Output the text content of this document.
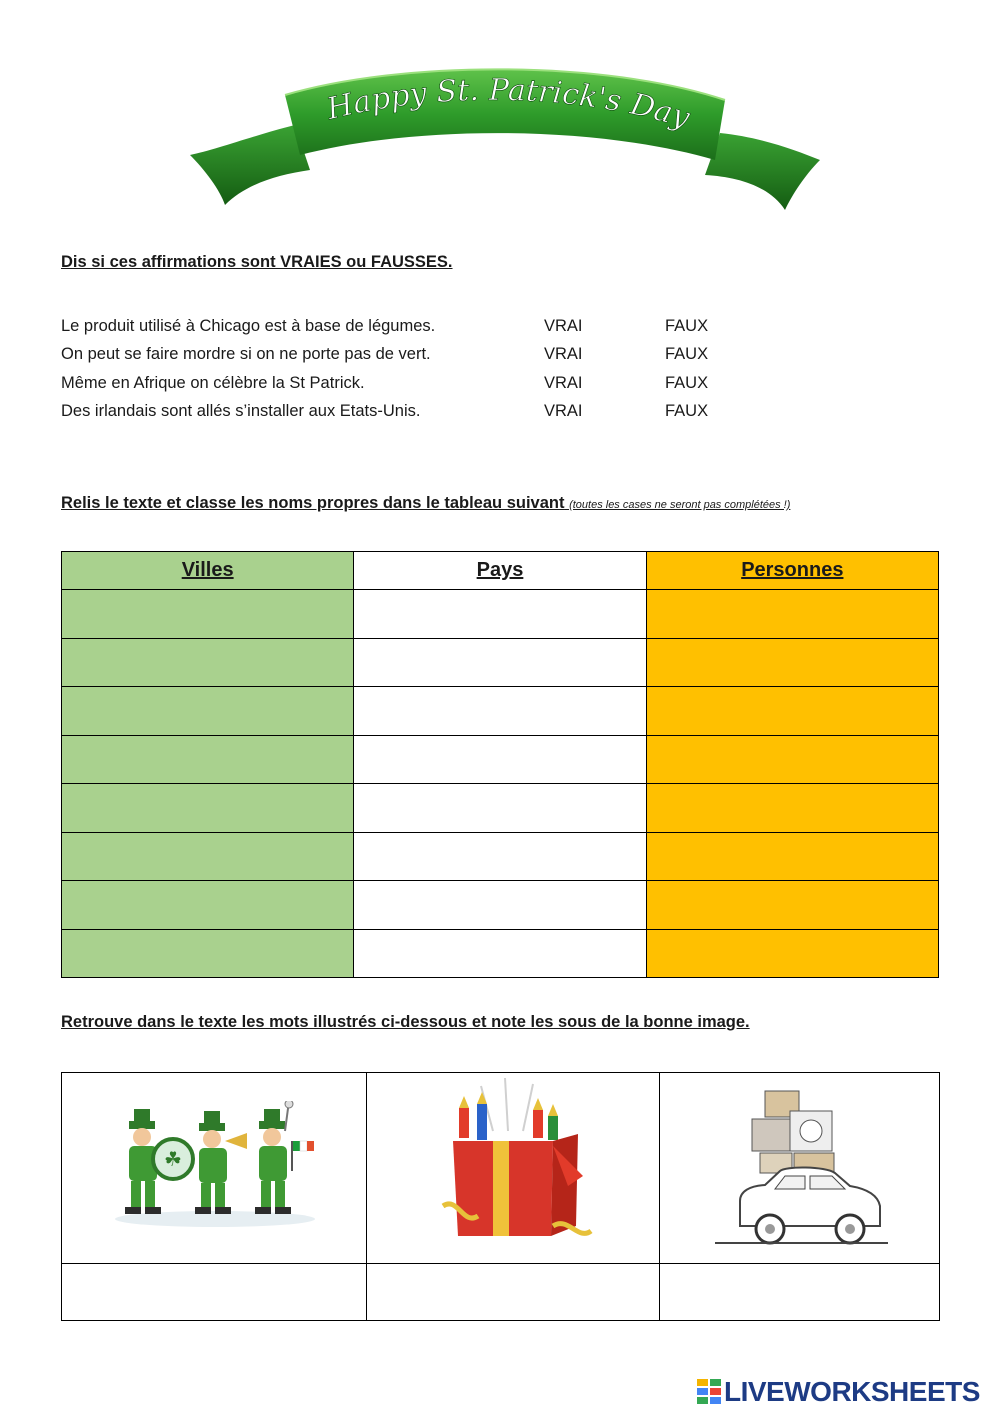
Happy St. Patrick's Day
Dis si ces affirmations sont VRAIES ou FAUSSES.
Le produit utilisé à Chicago est à base de légumes.	VRAI	FAUX
On peut se faire mordre si on ne porte pas de vert.	VRAI	FAUX
Même en Afrique on célèbre la St Patrick.	VRAI	FAUX
Des irlandais sont allés s’installer aux Etats-Unis.	VRAI	FAUX
Relis le texte et classe les noms propres dans le tableau suivant (toutes les cases ne seront pas complétées !)
Villes	Pays	Personnes

Retrouve dans le texte les mots illustrés ci-dessous et note les sous de la bonne image.
☘

LIVEWORKSHEETS
